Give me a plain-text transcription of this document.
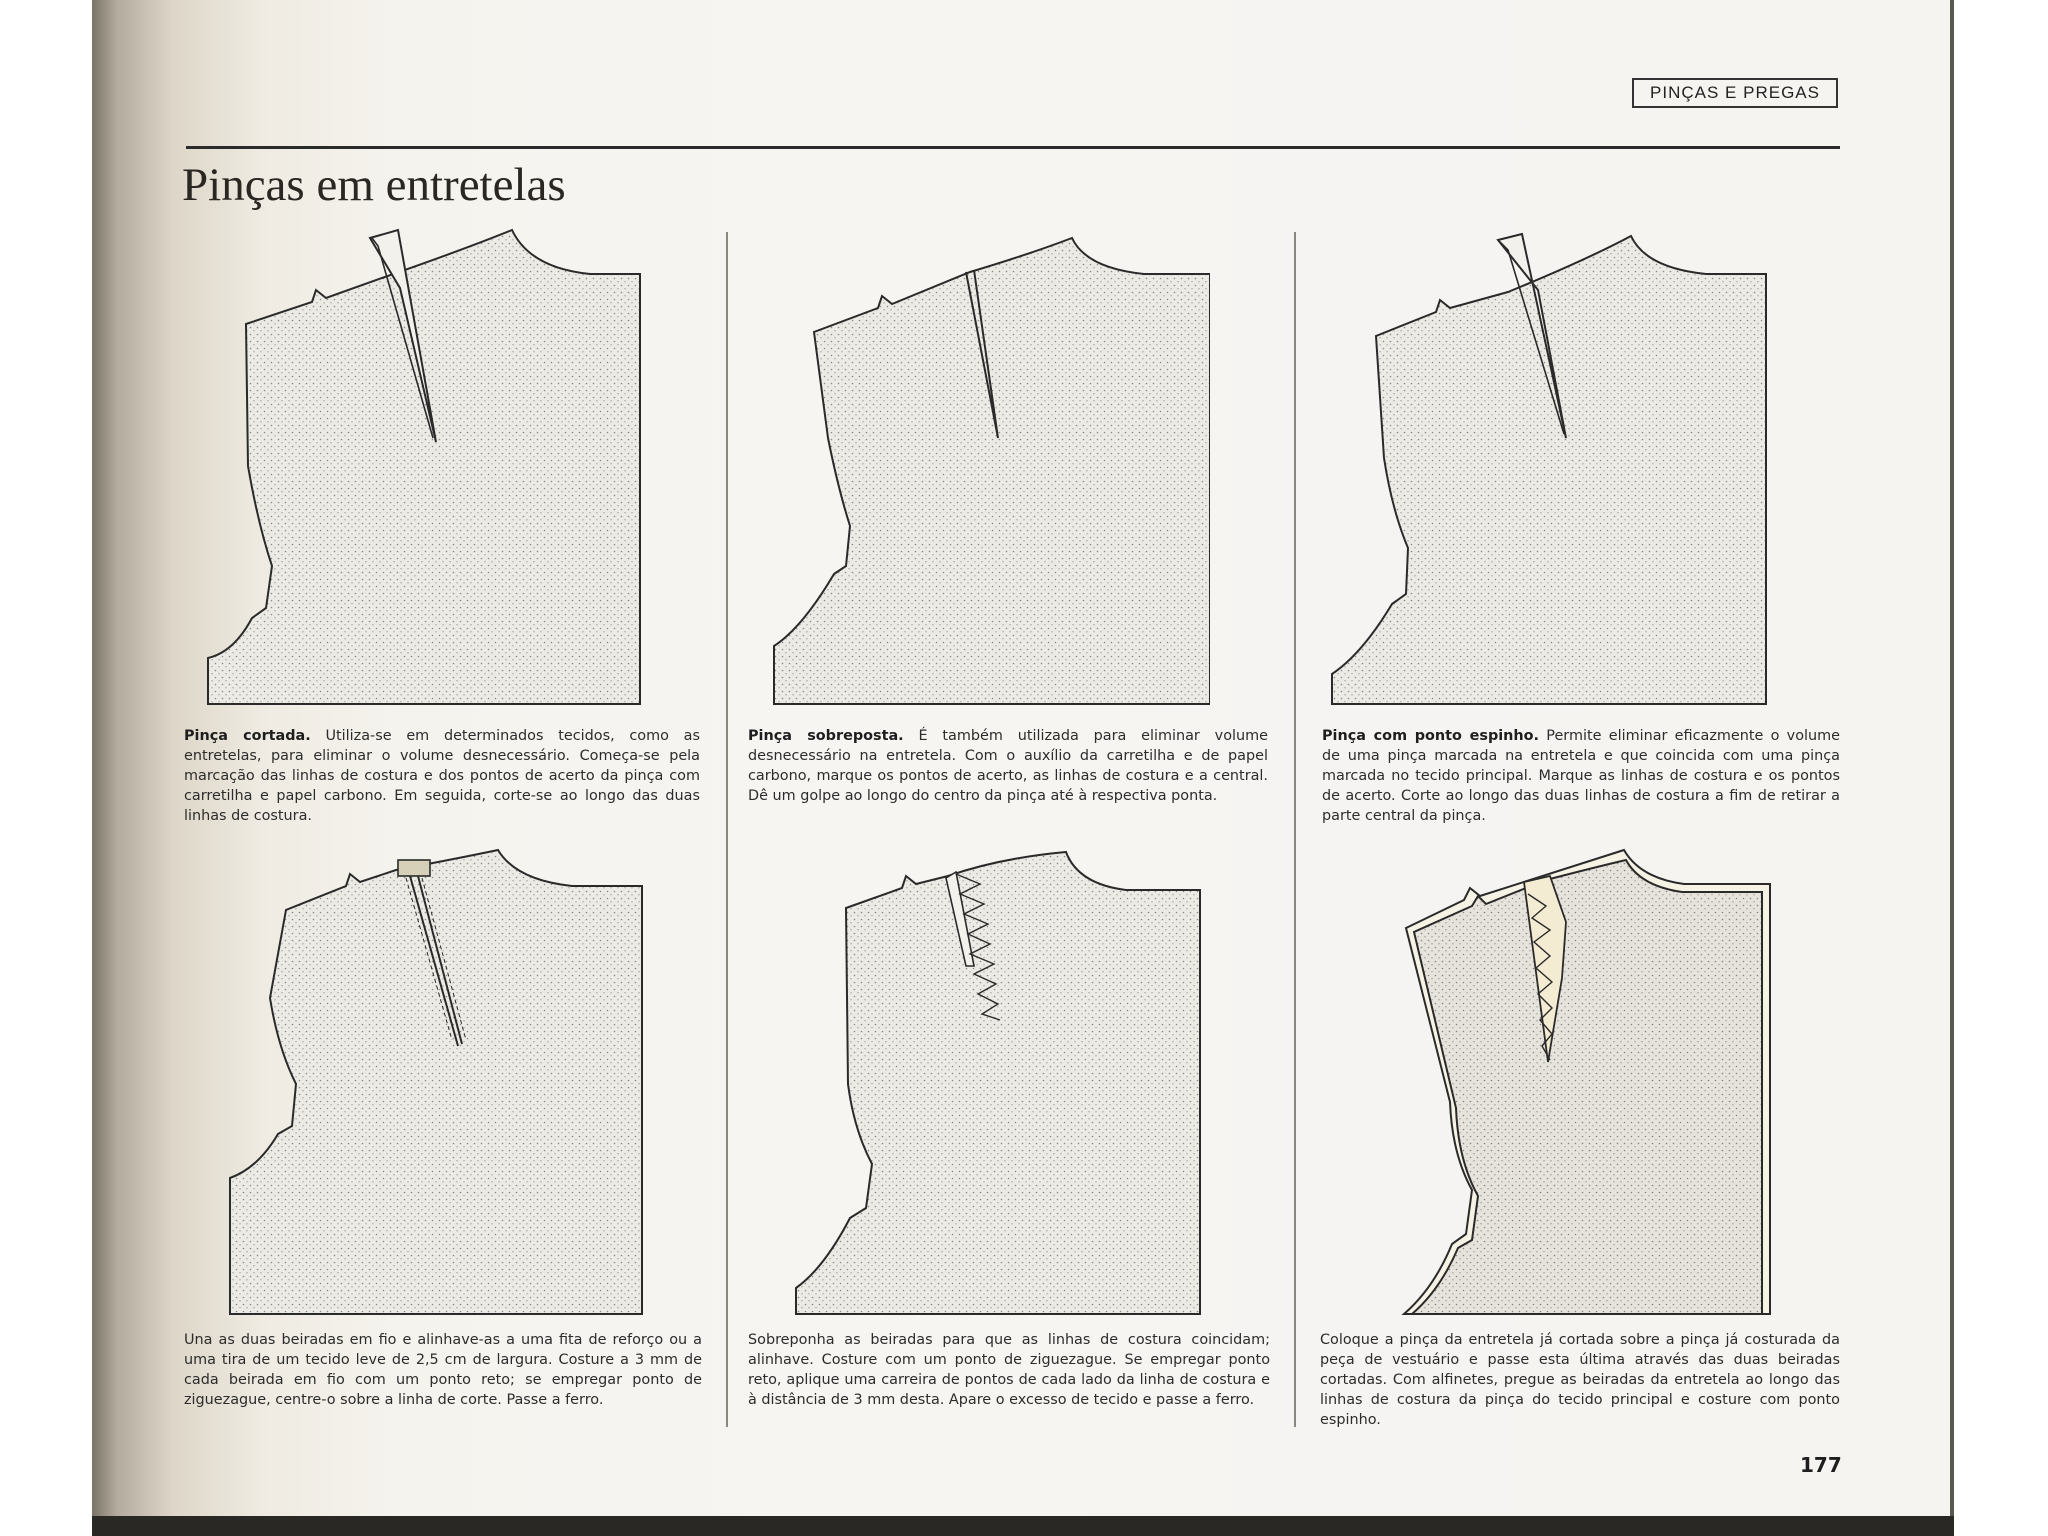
PINÇAS E PREGAS
Pinças em entretelas
Pinça cortada. Utiliza-se em determinados tecidos, como as entretelas, para eliminar o volume desnecessário. Começa-se pela marcação das linhas de costura e dos pontos de acerto da pinça com carretilha e papel carbono. Em seguida, corte-se ao longo das duas linhas de costura.
Pinça sobreposta. É também utilizada para eliminar volume desnecessário na entretela. Com o auxílio da carretilha e de papel carbono, marque os pontos de acerto, as linhas de costura e a central. Dê um golpe ao longo do centro da pinça até à respectiva ponta.
Pinça com ponto espinho. Permite eliminar eficazmente o volume de uma pinça marcada na entretela e que coincida com uma pinça marcada no tecido principal. Marque as linhas de costura e os pontos de acerto. Corte ao longo das duas linhas de costura a fim de retirar a parte central da pinça.
Una as duas beiradas em fio e alinhave-as a uma fita de reforço ou a uma tira de um tecido leve de 2,5 cm de largura. Costure a 3 mm de cada beirada em fio com um ponto reto; se empregar ponto de ziguezague, centre-o sobre a linha de corte. Passe a ferro.
Sobreponha as beiradas para que as linhas de costura coincidam; alinhave. Costure com um ponto de ziguezague. Se empregar ponto reto, aplique uma carreira de pontos de cada lado da linha de costura e à distância de 3 mm desta. Apare o excesso de tecido e passe a ferro.
Coloque a pinça da entretela já cortada sobre a pinça já costurada da peça de vestuário e passe esta última através das duas beiradas cortadas. Com alfinetes, pregue as beiradas da entretela ao longo das linhas de costura da pinça do tecido principal e costure com ponto espinho.
177
